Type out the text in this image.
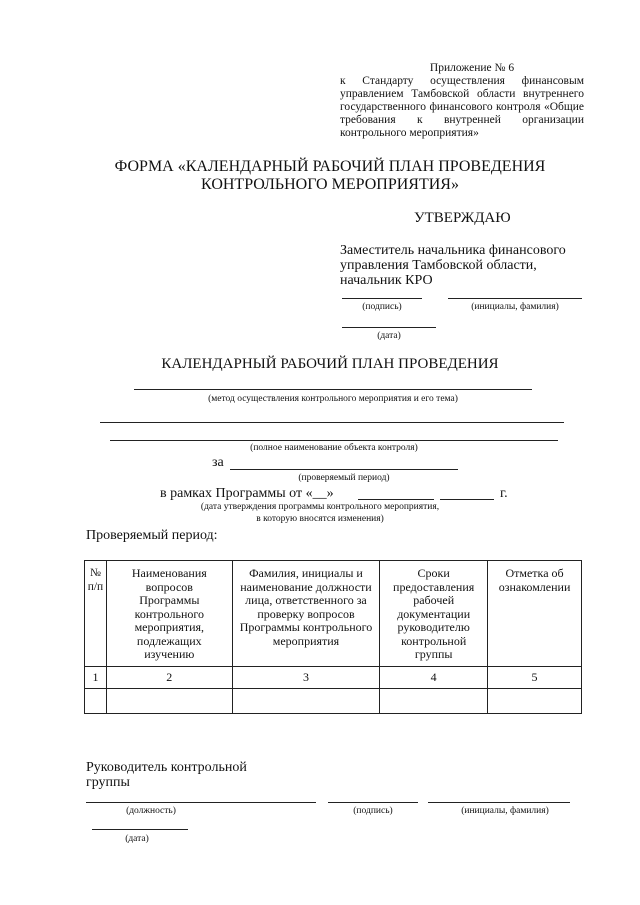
Приложение № 6
к Стандарту осуществления финансовым управлением Тамбовской области внутреннего государственного финансового контроля «Общие требования к внутренней организации контрольного мероприятия»
ФОРМА «КАЛЕНДАРНЫЙ РАБОЧИЙ ПЛАН ПРОВЕДЕНИЯ КОНТРОЛЬНОГО МЕРОПРИЯТИЯ»
УТВЕРЖДАЮ
Заместитель начальника финансового управления Тамбовской области, начальник КРО
(подпись)	(инициалы, фамилия)
(дата)
КАЛЕНДАРНЫЙ РАБОЧИЙ ПЛАН ПРОВЕДЕНИЯ
(метод осуществления контрольного мероприятия и его тема)
(полное наименование объекта контроля)
за
(проверяемый период)
в рамках Программы от «__»	г.
(дата утверждения программы контрольного мероприятия,
в которую вносятся изменения)
Проверяемый период:
№ п/п	Наименования вопросов Программы контрольного мероприятия, подлежащих изучению	Фамилия, инициалы и наименование должности лица, ответственного за проверку вопросов Программы контрольного мероприятия	Сроки предоставления рабочей документации руководителю контрольной группы	Отметка об ознакомлении
1	2	3	4	5

Руководитель контрольной группы
(должность)	(подпись)	(инициалы, фамилия)
(дата)
